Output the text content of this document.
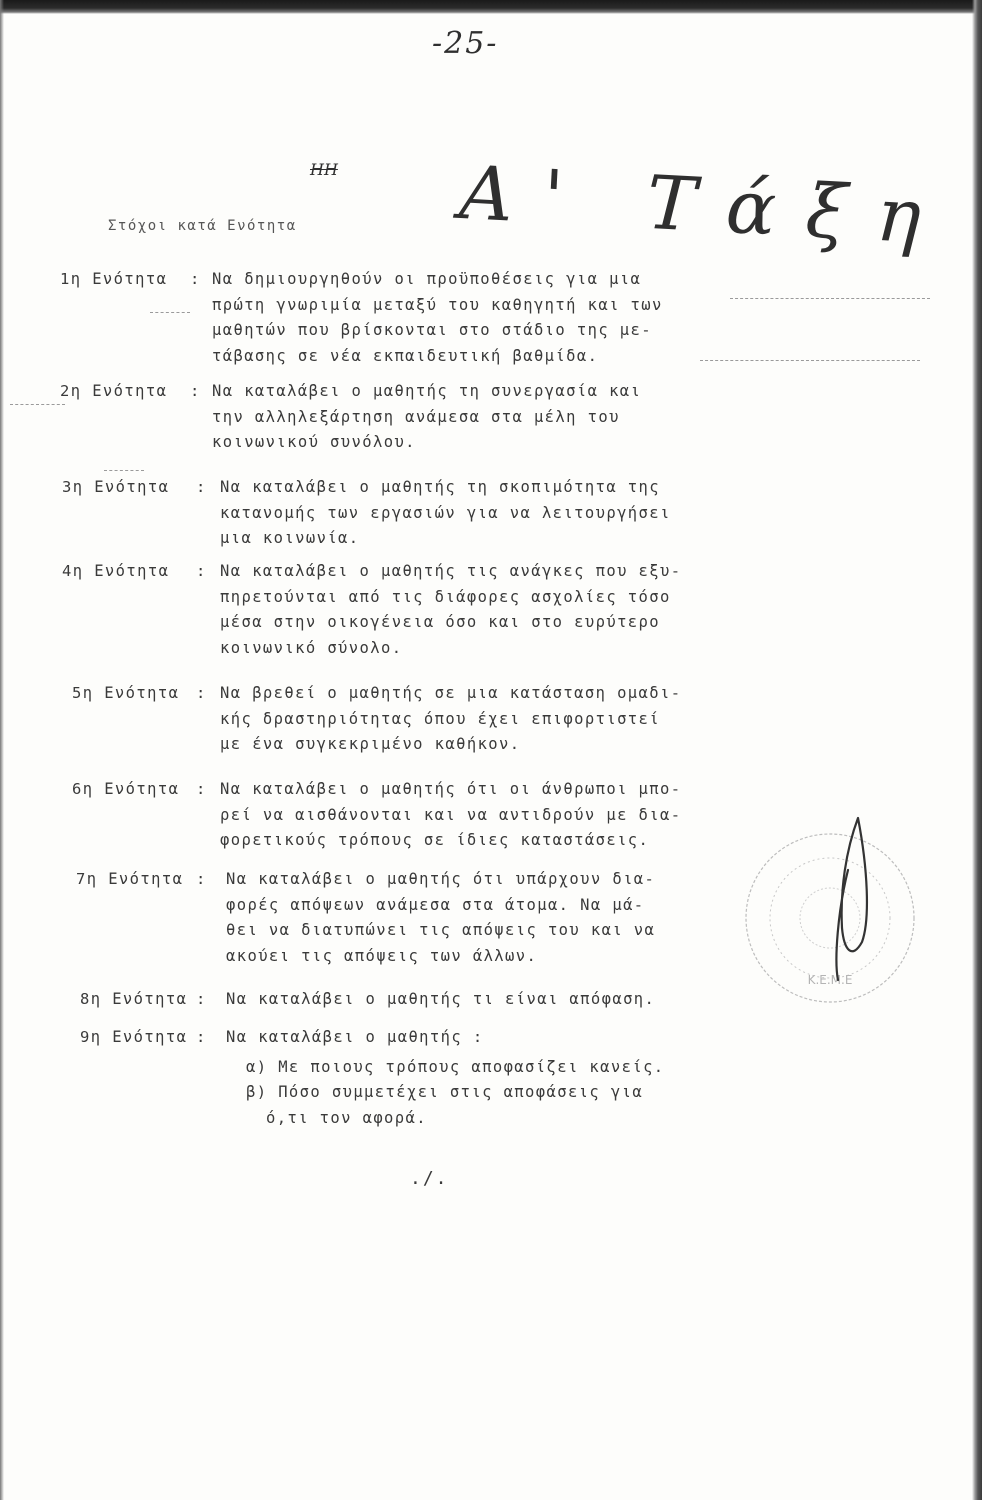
-25-
ΗΗ Α' Τάξη
Στόχοι κατά Ενότητα
1η Ενότητα : Να δημιουργηθούν οι προϋποθέσεις για μια
πρώτη γνωριμία μεταξύ του καθηγητή και των
μαθητών που βρίσκονται στο στάδιο της με-
τάβασης σε νέα εκπαιδευτική βαθμίδα.
2η Ενότητα : Να καταλάβει ο μαθητής τη συνεργασία και
την αλληλεξάρτηση ανάμεσα στα μέλη του
κοινωνικού συνόλου.
3η Ενότητα : Να καταλάβει ο μαθητής τη σκοπιμότητα της
κατανομής των εργασιών για να λειτουργήσει
μια κοινωνία.
4η Ενότητα : Να καταλάβει ο μαθητής τις ανάγκες που εξυ-
πηρετούνται από τις διάφορες ασχολίες τόσο
μέσα στην οικογένεια όσο και στο ευρύτερο
κοινωνικό σύνολο.
5η Ενότητα : Να βρεθεί ο μαθητής σε μια κατάσταση ομαδι-
κής δραστηριότητας όπου έχει επιφορτιστεί
με ένα συγκεκριμένο καθήκον.
6η Ενότητα : Να καταλάβει ο μαθητής ότι οι άνθρωποι μπο-
ρεί να αισθάνονται και να αντιδρούν με δια-
φορετικούς τρόπους σε ίδιες καταστάσεις.
7η Ενότητα : Να καταλάβει ο μαθητής ότι υπάρχουν δια-
φορές απόψεων ανάμεσα στα άτομα. Να μά-
θει να διατυπώνει τις απόψεις του και να
ακούει τις απόψεις των άλλων.
8η Ενότητα : Να καταλάβει ο μαθητής τι είναι απόφαση.
9η Ενότητα : Να καταλάβει ο μαθητής :
α) Με ποιους τρόπους αποφασίζει κανείς.
β) Πόσο συμμετέχει στις αποφάσεις για
ό,τι τον αφορά.
./.
Κ.Ε.Μ.Ε
